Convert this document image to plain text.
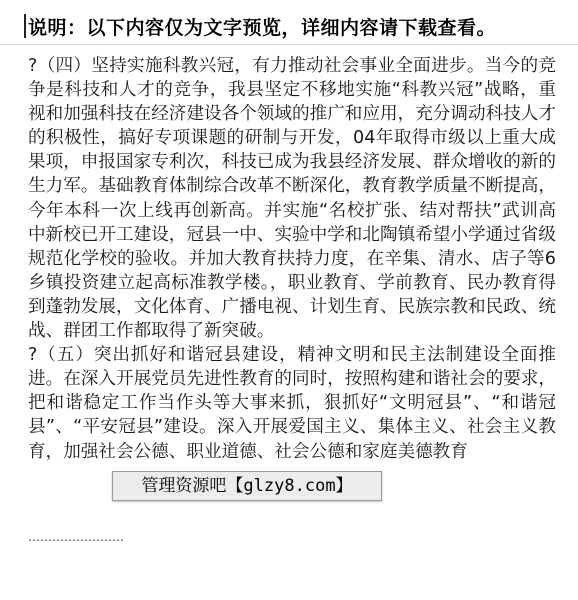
说明：以下内容仅为文字预览，详细内容请下载查看。

?（四）坚持实施科教兴冠，有力推动社会事业全面进步。当今的竞争是科技和人才的竞争，我县坚定不移地实施“科教兴冠”战略，重视和加强科技在经济建设各个领域的推广和应用，充分调动科技人才的积极性，搞好专项课题的研制与开发，04年取得市级以上重大成果项，申报国家专利次，科技已成为我县经济发展、群众增收的新的生力军。基础教育体制综合改革不断深化，教育教学质量不断提高，今年本科一次上线再创新高。并实施“名校扩张、结对帮扶”武训高中新校已开工建设，冠县一中、实验中学和北陶镇希望小学通过省级规范化学校的验收。并加大教育扶持力度，在辛集、清水、店子等6乡镇投资建立起高标准教学楼。，职业教育、学前教育、民办教育得到蓬勃发展，文化体育、广播电视、计划生育、民族宗教和民政、统战、群团工作都取得了新突破。

?（五）突出抓好和谐冠县建设，精神文明和民主法制建设全面推进。在深入开展党员先进性教育的同时，按照构建和谐社会的要求，把和谐稳定工作当作头等大事来抓，狠抓好“文明冠县”、“和谐冠县”、“平安冠县”建设。深入开展爱国主义、集体主义、社会主义教育，加强社会公德、职业道德、社会公德和家庭美德教育

管理资源吧【glzy8.com】
……………………
